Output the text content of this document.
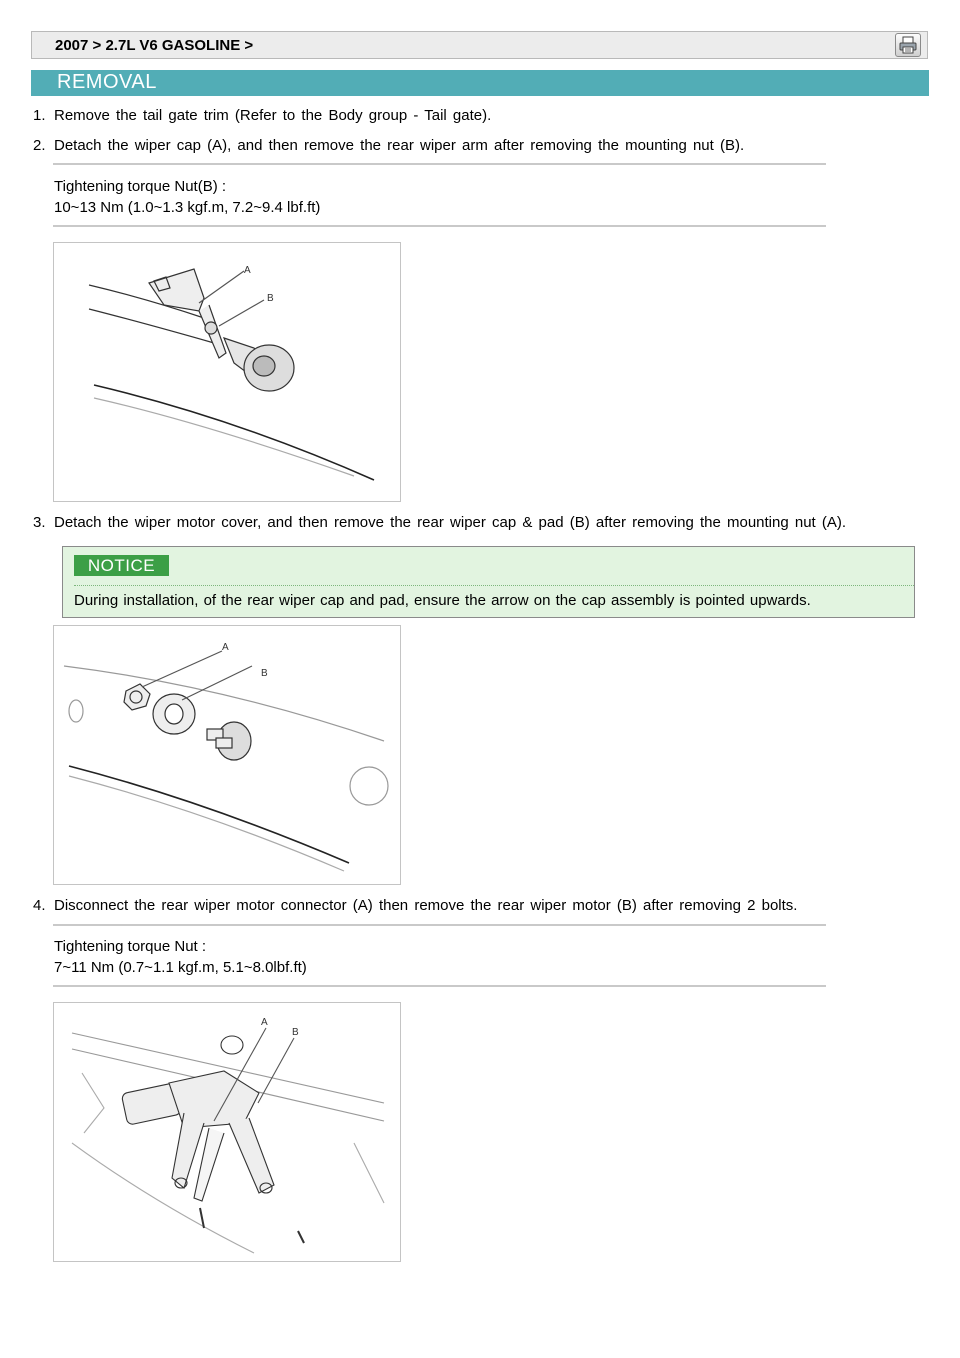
2007 > 2.7L V6 GASOLINE >
REMOVAL
1. Remove the tail gate trim (Refer to the Body group - Tail gate).
2. Detach the wiper cap (A), and then remove the rear wiper arm after removing the mounting nut (B).
Tightening torque Nut(B) :
10~13 Nm (1.0~1.3 kgf.m, 7.2~9.4 lbf.ft)
A
B
3. Detach the wiper motor cover, and then remove the rear wiper cap & pad (B) after removing the mounting nut (A).
NOTICE
During installation, of the rear wiper cap and pad, ensure the arrow on the cap assembly is pointed upwards.
A
B
4. Disconnect the rear wiper motor connector (A) then remove the rear wiper motor (B) after removing 2 bolts.
Tightening torque Nut :
7~11 Nm (0.7~1.1 kgf.m, 5.1~8.0lbf.ft)
A
B
